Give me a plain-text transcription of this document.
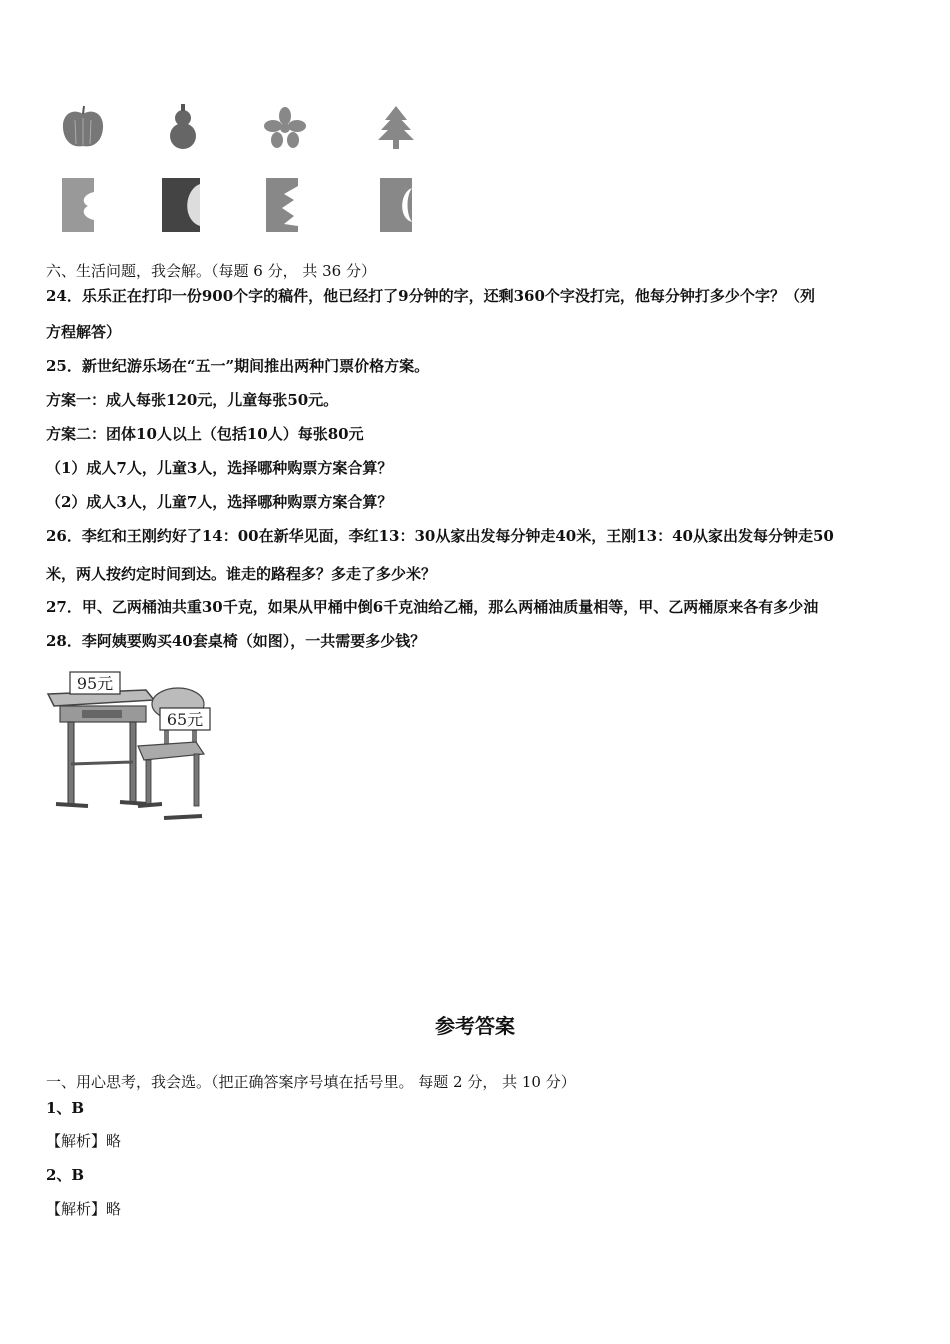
六、生活问题，我会解。（每题 6 分， 共 36 分）
24．乐乐正在打印一份900个字的稿件，他已经打了9分钟的字，还剩360个字没打完，他每分钟打多少个字？（列
方程解答）
25．新世纪游乐场在“五一”期间推出两种门票价格方案。
方案一：成人每张120元，儿童每张50元。
方案二：团体10人以上（包括10人）每张80元
（1）成人7人，儿童3人，选择哪种购票方案合算？
（2）成人3人，儿童7人，选择哪种购票方案合算？
26．李红和王刚约好了14：00在新华见面，李红13：30从家出发每分钟走40米，王刚13：40从家出发每分钟走50
米，两人按约定时间到达。谁走的路程多？多走了多少米？
27．甲、乙两桶油共重30千克，如果从甲桶中倒6千克油给乙桶，那么两桶油质量相等，甲、乙两桶原来各有多少油
28．李阿姨要购买40套桌椅（如图），一共需要多少钱？
95元
65元
参考答案
一、用心思考，我会选。（把正确答案序号填在括号里。 每题 2 分， 共 10 分）
1、B
【解析】略
2、B
【解析】略
